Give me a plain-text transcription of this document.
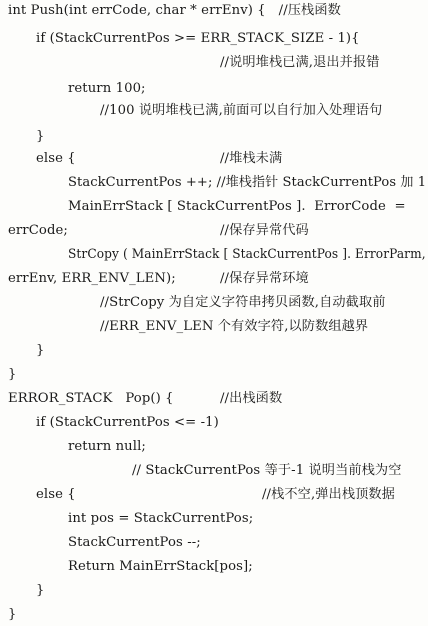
int Push(int errCode, char * errEnv) {   //压栈函数
if (StackCurrentPos >= ERR_STACK_SIZE - 1){
//说明堆栈已满,退出并报错
return 100;
//100 说明堆栈已满,前面可以自行加入处理语句
}
else {	//堆栈未满
StackCurrentPos ++; //堆栈指针 StackCurrentPos 加 1
MainErrStack [ StackCurrentPos ].  ErrorCode  =
errCode;	//保存异常代码
StrCopy ( MainErrStack [ StackCurrentPos ]. ErrorParm,
errEnv, ERR_ENV_LEN);	//保存异常环境
//StrCopy 为自定义字符串拷贝函数,自动截取前
//ERR_ENV_LEN 个有效字符,以防数组越界
}
}
ERROR_STACK   Pop() {	//出栈函数
if (StackCurrentPos <= -1)
return null;
// StackCurrentPos 等于-1 说明当前栈为空
else {	//栈不空,弹出栈顶数据
int pos = StackCurrentPos;
StackCurrentPos --;
Return MainErrStack[pos];
}
}
